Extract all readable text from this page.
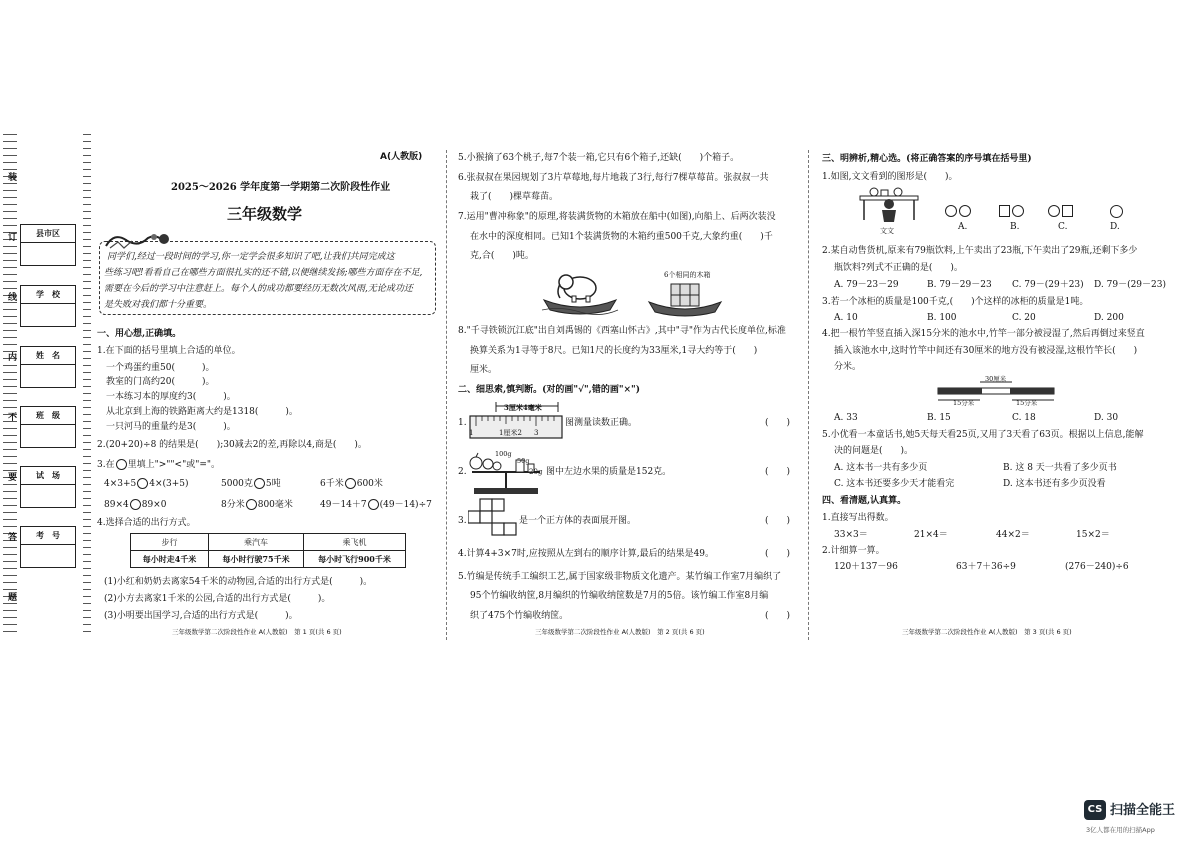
装
订
线
内
不
要
答
题
县市区
学　校
姓　名
班　级
试　场
考　号
A(人教版)
2025～2026 学年度第一学期第二次阶段性作业
三年级数学
同学们,经过一段时间的学习,你一定学会很多知识了吧,让我们共同完成这
些练习吧!看看自己在哪些方面很扎实的还不错,以便继续发扬;哪些方面存在不足,
需要在今后的学习中注意赶上。每个人的成功都要经历无数次风雨,无论成功还
是失败对我们都十分重要。
一、用心想,正确填。
1.在下面的括号里填上合适的单位。
一个鸡蛋约重50(　　　)。
教室的门高约20(　　　)。
一本练习本的厚度约3(　　　)。
从北京到上海的铁路距离大约是1318(　　　)。
一只河马的重量约是3(　　　)。
2.(20+20)÷8 的结果是(　　);30减去2的差,再除以4,商是(　　)。
3.在 里填上">""<"或"="。
4×3+5 4×(3+5)	5000克 5吨	6千米 600米
89×4 89×0	8分米 800毫米	49－14＋7 (49－14)÷7
4.选择合适的出行方式。
步行	乘汽车	乘飞机
每小时走4千米	每小时行驶75千米	每小时飞行900千米
(1)小红和奶奶去离家54千米的动物园,合适的出行方式是(　　　)。
(2)小方去离家1千米的公园,合适的出行方式是(　　　)。
(3)小明要出国学习,合适的出行方式是(　　　)。
三年级数学第二次阶段性作业 A(人教版)　第 1 页(共 6 页)
5.小猴摘了63个桃子,每7个装一箱,它只有6个箱子,还缺(　　)个箱子。
6.张叔叔在果园规划了3片草莓地,每片地栽了3行,每行7棵草莓苗。张叔叔一共
栽了(　　)棵草莓苗。
7.运用"曹冲称象"的原理,将装满货物的木箱放在船中(如图),向船上、后两次装没
在水中的深度相同。已知1个装满货物的木箱约重500千克,大象约重(　　)千
克,合(　　)吨。
6个相同的木箱
8."千寻铁锁沉江底"出自刘禹锡的《西塞山怀古》,其中"寻"作为古代长度单位,标准
换算关系为1寻等于8尺。已知1尺的长度约为33厘米,1寻大约等于(　　)
厘米。
二、细思索,慎判断。(对的画"√",错的画"×")
1.
3厘米4毫米
1	1厘米2 3
图测量读数正确。	(　　)
2.
100g
50g
20g 图中左边水果的质量是152克。	(　　)
3.	是一个正方体的表面展开图。	(　　)
4.计算4+3×7时,应按照从左到右的顺序计算,最后的结果是49。	(　　)
5.竹编是传统手工编织工艺,属于国家级非物质文化遗产。某竹编工作室7月编织了
95个竹编收纳筐,8月编织的竹编收纳筐数是7月的5倍。该竹编工作室8月编
织了475个竹编收纳筐。	(　　)
三年级数学第二次阶段性作业 A(人教版)　第 2 页(共 6 页)
三、明辨析,精心选。(将正确答案的序号填在括号里)
1.如图,文文看到的图形是(　　)。
文文	A.	B.	C.	D.
2.某自动售货机,原来有79瓶饮料,上午卖出了23瓶,下午卖出了29瓶,还剩下多少
瓶饮料?列式不正确的是(　　)。
A. 79－23－29	B. 79－29－23 C. 79－(29＋23) D. 79－(29－23)
3.若一个冰柜的质量是100千克,(　　)个这样的冰柜的质量是1吨。
A. 10	B. 100	C. 20	D. 200
4.把一根竹竿竖直插入深15分米的池水中,竹竿一部分被浸湿了,然后再倒过来竖直
插入该池水中,这时竹竿中间还有30厘米的地方没有被浸湿,这根竹竿长(　　)
分米。
30厘米
15分米	15分米
A. 33	B. 15	C. 18	D. 30
5.小优看一本童话书,她5天每天看25页,又用了3天看了63页。根据以上信息,能解
决的问题是(　　)。
A. 这本书一共有多少页	B. 这 8 天一共看了多少页书
C. 这本书还要多少天才能看完	D. 这本书还有多少页没看
四、看清题,认真算。
1.直接写出得数。
33×3＝	21×4＝	44×2＝	15×2＝
2.计细算一算。
120＋137－96	63＋7＋36÷9	(276－240)÷6
三年级数学第二次阶段性作业 A(人教版)　第 3 页(共 6 页)
CS 扫描全能王
3亿人都在用的扫描App
